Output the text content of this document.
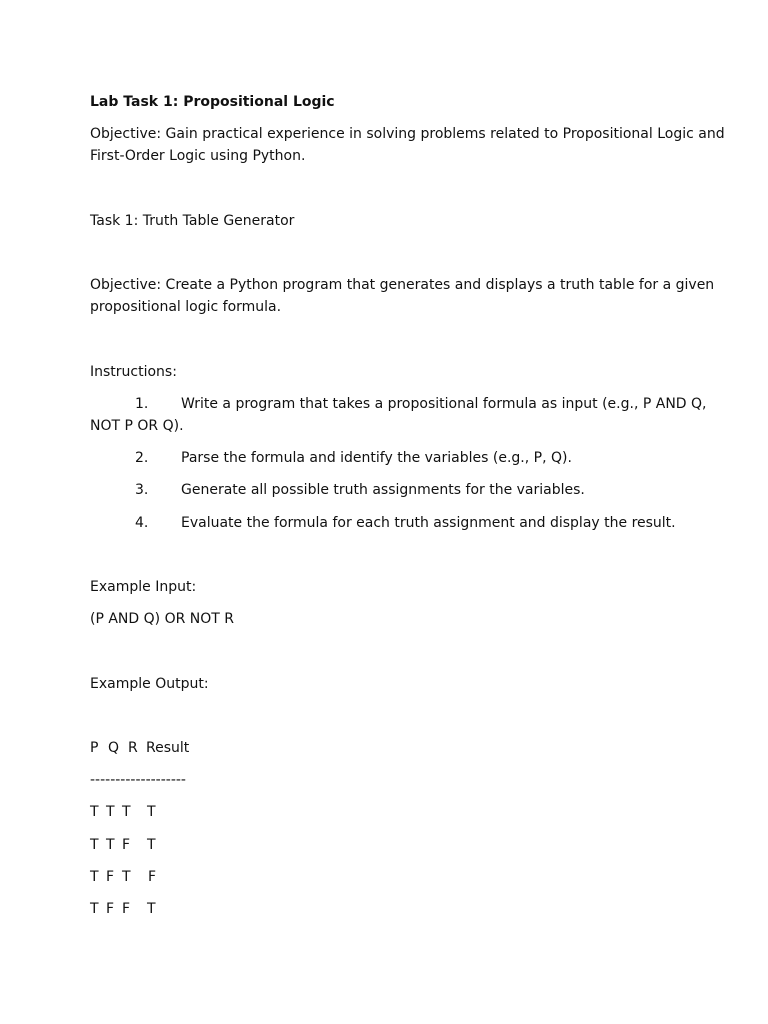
Lab Task 1: Propositional Logic
Objective: Gain practical experience in solving problems related to Propositional Logic and
First-Order Logic using Python.
Task 1: Truth Table Generator
Objective: Create a Python program that generates and displays a truth table for a given
propositional logic formula.
Instructions:
1. Write a program that takes a propositional formula as input (e.g., P AND Q,
NOT P OR Q).
2. Parse the formula and identify the variables (e.g., P, Q).
3. Generate all possible truth assignments for the variables.
4. Evaluate the formula for each truth assignment and display the result.
Example Input:
(P AND Q) OR NOT R
Example Output:
P Q R Result
-------------------
T T T T
T T F T
T F T F
T F F T
